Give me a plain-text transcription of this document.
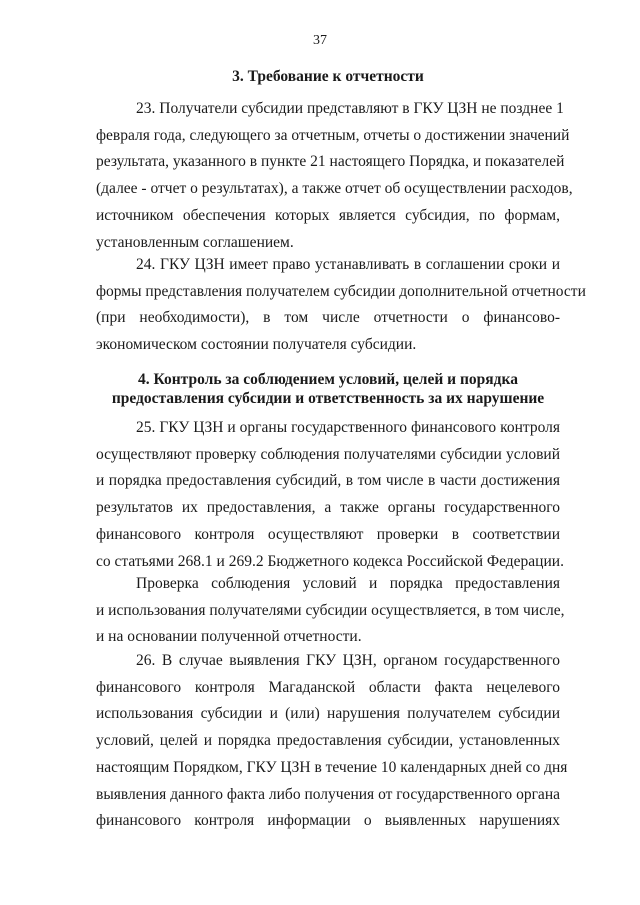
37
3. Требование к отчетности
23. Получатели субсидии представляют в ГКУ ЦЗН не позднее 1
февраля года, следующего за отчетным, отчеты о достижении значений
результата, указанного в пункте 21 настоящего Порядка, и показателей
(далее - отчет о результатах), а также отчет об осуществлении расходов,
источником обеспечения которых является субсидия, по формам,
установленным соглашением.
24. ГКУ ЦЗН имеет право устанавливать в соглашении сроки и
формы представления получателем субсидии дополнительной отчетности
(при необходимости), в том числе отчетности о финансово-
экономическом состоянии получателя субсидии.
4. Контроль за соблюдением условий, целей и порядка
предоставления субсидии и ответственность за их нарушение
25. ГКУ ЦЗН и органы государственного финансового контроля
осуществляют проверку соблюдения получателями субсидии условий
и порядка предоставления субсидий, в том числе в части достижения
результатов их предоставления, а также органы государственного
финансового контроля осуществляют проверки в соответствии
со статьями 268.1 и 269.2 Бюджетного кодекса Российской Федерации.
Проверка соблюдения условий и порядка предоставления
и использования получателями субсидии осуществляется, в том числе,
и на основании полученной отчетности.
26. В случае выявления ГКУ ЦЗН, органом государственного
финансового контроля Магаданской области факта нецелевого
использования субсидии и (или) нарушения получателем субсидии
условий, целей и порядка предоставления субсидии, установленных
настоящим Порядком, ГКУ ЦЗН в течение 10 календарных дней со дня
выявления данного факта либо получения от государственного органа
финансового контроля информации о выявленных нарушениях
